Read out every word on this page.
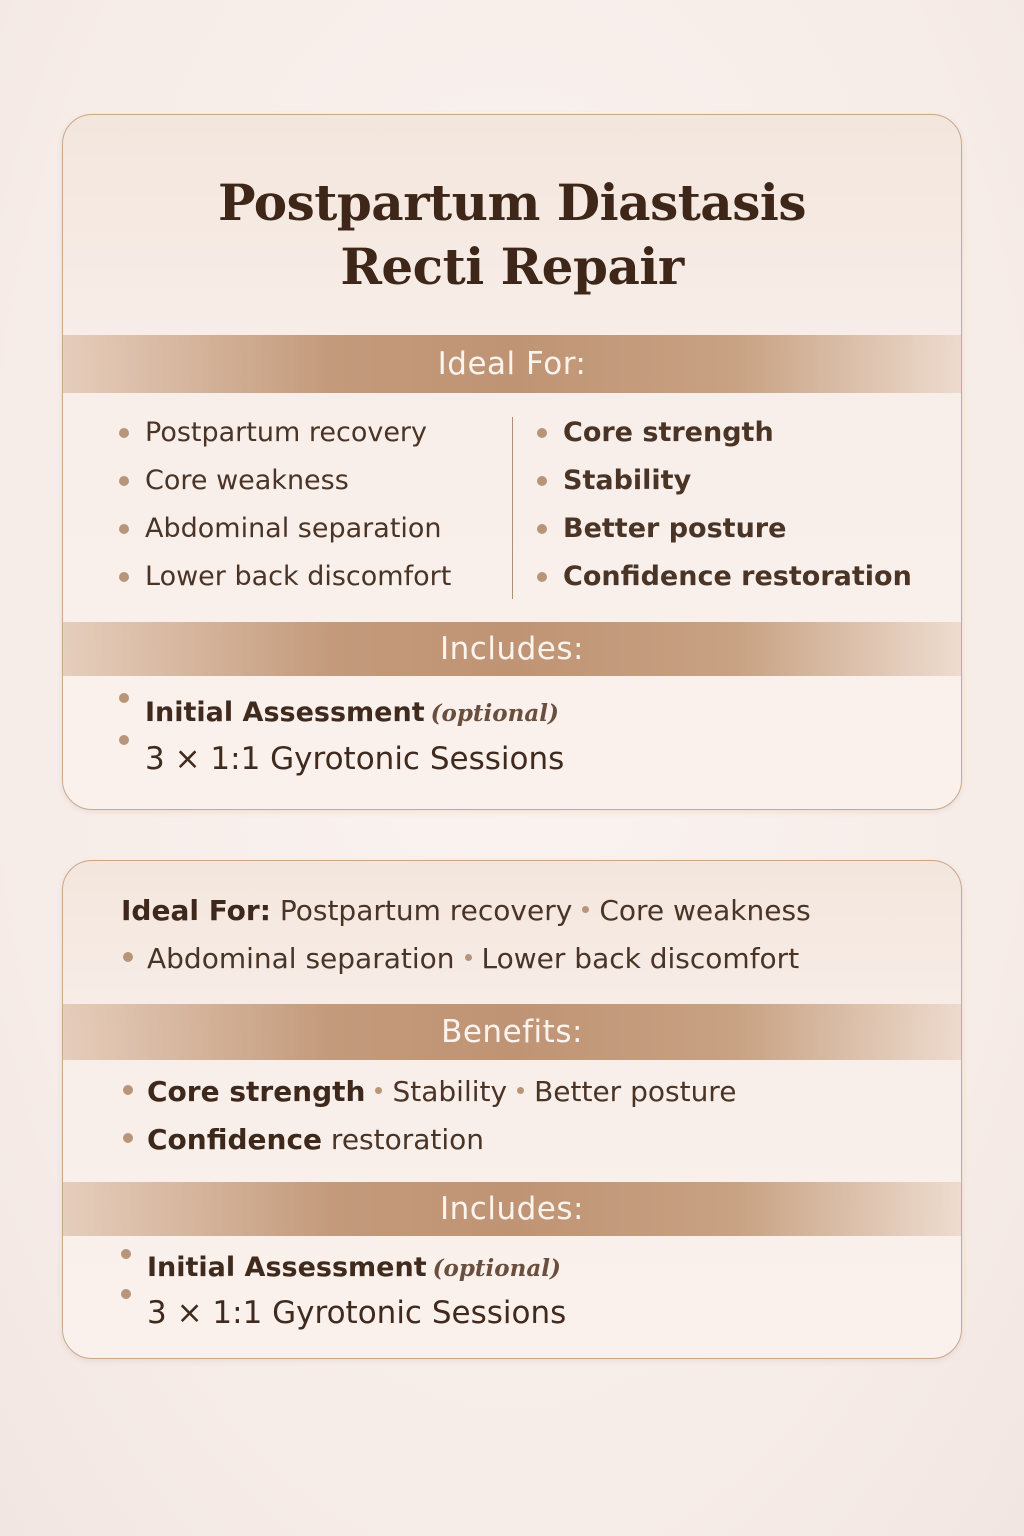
Postpartum Diastasis
Recti Repair
Ideal For:
Postpartum recovery
Core weakness
Abdominal separation
Lower back discomfort
Core strength
Stability
Better posture
Confidence restoration
Includes:
Initial Assessment (optional)
3 × 1:1 Gyrotonic Sessions
Ideal For: Postpartum recovery Core weakness
Abdominal separation Lower back discomfort
Benefits:
Core strength Stability Better posture
Confidence restoration
Includes:
Initial Assessment (optional)
3 × 1:1 Gyrotonic Sessions
